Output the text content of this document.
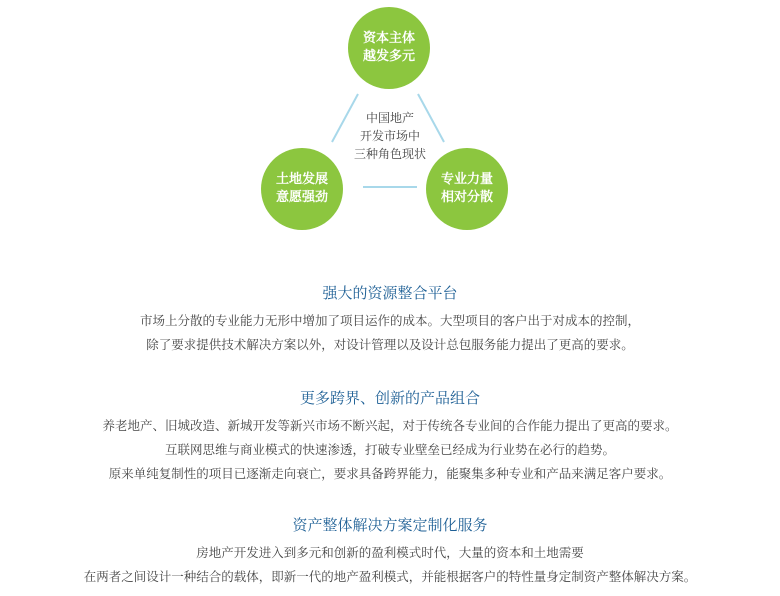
资本主体
越发多元
土地发展
意愿强劲
专业力量
相对分散
中国地产
开发市场中
三种角色现状
强大的资源整合平台
市场上分散的专业能力无形中增加了项目运作的成本。大型项目的客户出于对成本的控制，
除了要求提供技术解决方案以外，对设计管理以及设计总包服务能力提出了更高的要求。
更多跨界、创新的产品组合
养老地产、旧城改造、新城开发等新兴市场不断兴起，对于传统各专业间的合作能力提出了更高的要求。
互联网思维与商业模式的快速渗透，打破专业壁垒已经成为行业势在必行的趋势。
原来单纯复制性的项目已逐渐走向衰亡，要求具备跨界能力，能聚集多种专业和产品来满足客户要求。
资产整体解决方案定制化服务
房地产开发进入到多元和创新的盈利模式时代，大量的资本和土地需要
在两者之间设计一种结合的载体，即新一代的地产盈利模式，并能根据客户的特性量身定制资产整体解决方案。
